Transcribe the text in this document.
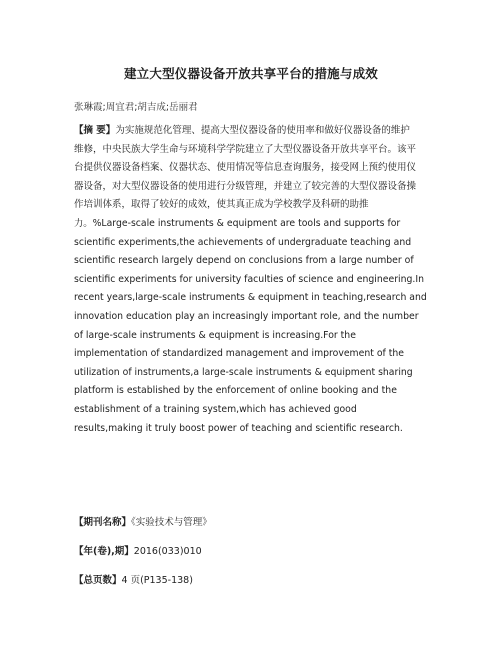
建立大型仪器设备开放共享平台的措施与成效
张琳霞;周宜君;胡吉成;岳丽君
【摘 要】为实施规范化管理、提高大型仪器设备的使用率和做好仪器设备的维护
维修，中央民族大学生命与环境科学学院建立了大型仪器设备开放共享平台。该平
台提供仪器设备档案、仪器状态、使用情况等信息查询服务，接受网上预约使用仪
器设备，对大型仪器设备的使用进行分级管理，并建立了较完善的大型仪器设备操
作培训体系，取得了较好的成效，使其真正成为学校教学及科研的助推
力。%Large-scale instruments & equipment are tools and supports for
scientific experiments,the achievements of undergraduate teaching and
scientific research largely depend on conclusions from a large number of
scientific experiments for university faculties of science and engineering.In
recent years,large-scale instruments & equipment in teaching,research and
innovation education play an increasingly important role, and the number
of large-scale instruments & equipment is increasing.For the
implementation of standardized management and improvement of the
utilization of instruments,a large-scale instruments & equipment sharing
platform is established by the enforcement of online booking and the
establishment of a training system,which has achieved good
results,making it truly boost power of teaching and scientific research.
【期刊名称】《实验技术与管理》
【年(卷),期】2016(033)010
【总页数】4 页(P135-138)
